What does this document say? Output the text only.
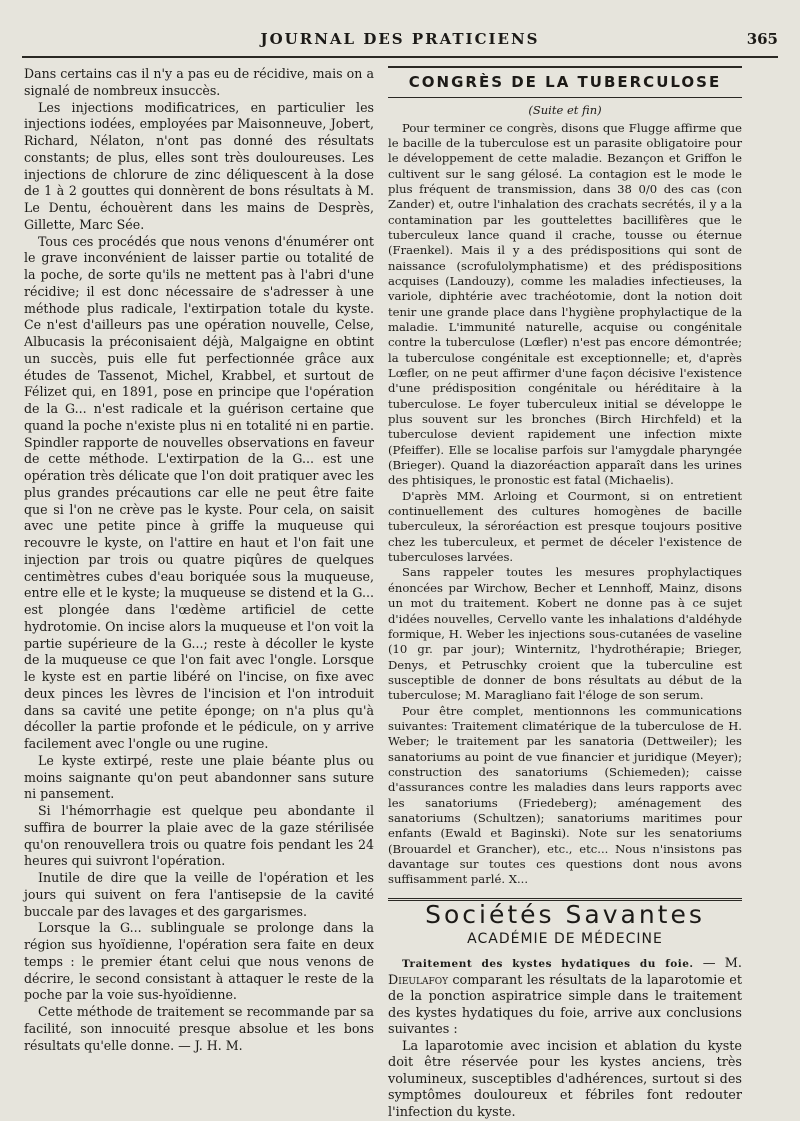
JOURNAL DES PRATICIENS	365

Dans certains cas il n'y a pas eu de récidive, mais on a signalé de nombreux insuccès.

Les injections modificatrices, en particulier les injections iodées, employées par Maisonneuve, Jobert, Richard, Nélaton, n'ont pas donné des résultats constants; de plus, elles sont très douloureuses. Les injections de chlorure de zinc déliquescent à la dose de 1 à 2 gouttes qui donnèrent de bons résultats à M. Le Dentu, échouèrent dans les mains de Desprès, Gillette, Marc Sée.

Tous ces procédés que nous venons d'énumérer ont le grave inconvénient de laisser partie ou totalité de la poche, de sorte qu'ils ne mettent pas à l'abri d'une récidive; il est donc nécessaire de s'adresser à une méthode plus radicale, l'extirpation totale du kyste. Ce n'est d'ailleurs pas une opération nouvelle, Celse, Albucasis la préconisaient déjà, Malgaigne en obtint un succès, puis elle fut perfectionnée grâce aux études de Tassenot, Michel, Krabbel, et surtout de Félizet qui, en 1891, pose en principe que l'opération de la G... n'est radicale et la guérison certaine que quand la poche n'existe plus ni en totalité ni en partie. Spindler rapporte de nouvelles observations en faveur de cette méthode. L'extirpation de la G... est une opération très délicate que l'on doit pratiquer avec les plus grandes précautions car elle ne peut être faite que si l'on ne crève pas le kyste. Pour cela, on saisit avec une petite pince à griffe la muqueuse qui recouvre le kyste, on l'attire en haut et l'on fait une injection par trois ou quatre piqûres de quelques centimètres cubes d'eau boriquée sous la muqueuse, entre elle et le kyste; la muqueuse se distend et la G... est plongée dans l'œdème artificiel de cette hydrotomie. On incise alors la muqueuse et l'on voit la partie supérieure de la G...; reste à décoller le kyste de la muqueuse ce que l'on fait avec l'ongle. Lorsque le kyste est en partie libéré on l'incise, on fixe avec deux pinces les lèvres de l'incision et l'on introduit dans sa cavité une petite éponge; on n'a plus qu'à décoller la partie profonde et le pédicule, on y arrive facilement avec l'ongle ou une rugine.

Le kyste extirpé, reste une plaie béante plus ou moins saignante qu'on peut abandonner sans suture ni pansement.

Si l'hémorrhagie est quelque peu abondante il suffira de bourrer la plaie avec de la gaze stérilisée qu'on renouvellera trois ou quatre fois pendant les 24 heures qui suivront l'opération.

Inutile de dire que la veille de l'opération et les jours qui suivent on fera l'antisepsie de la cavité buccale par des lavages et des gargarismes.

Lorsque la G... sublinguale se prolonge dans la région sus hyoïdienne, l'opération sera faite en deux temps : le premier étant celui que nous venons de décrire, le second consistant à attaquer le reste de la poche par la voie sus-hyoïdienne.

Cette méthode de traitement se recommande par sa facilité, son innocuité presque absolue et les bons résultats qu'elle donne. — J. H. M.

CONGRÈS DE LA TUBERCULOSE
(Suite et fin)

Pour terminer ce congrès, disons que Flugge affirme que le bacille de la tuberculose est un parasite obligatoire pour le développement de cette maladie. Bezançon et Griffon le cultivent sur le sang gélosé. La contagion est le mode le plus fréquent de transmission, dans 38 0/0 des cas (con Zander) et, outre l'inhalation des crachats secrétés, il y a la contamination par les gouttelettes bacillifères que le tuberculeux lance quand il crache, tousse ou éternue (Fraenkel). Mais il y a des prédispositions qui sont de naissance (scrofulolymphatisme) et des prédispositions acquises (Landouzy), comme les maladies infectieuses, la variole, diphtérie avec trachéotomie, dont la notion doit tenir une grande place dans l'hygiène prophylactique de la maladie. L'immunité naturelle, acquise ou congénitale contre la tuberculose (Lœfler) n'est pas encore démontrée; la tuberculose congénitale est exceptionnelle; et, d'après Lœfler, on ne peut affirmer d'une façon décisive l'existence d'une prédisposition congénitale ou héréditaire à la tuberculose. Le foyer tuberculeux initial se développe le plus souvent sur les bronches (Birch Hirchfeld) et la tuberculose devient rapidement une infection mixte (Pfeiffer). Elle se localise parfois sur l'amygdale pharyngée (Brieger). Quand la diazoréaction apparaît dans les urines des phtisiques, le pronostic est fatal (Michaelis).

D'après MM. Arloing et Courmont, si on entretient continuellement des cultures homogènes de bacille tuberculeux, la séroréaction est presque toujours positive chez les tuberculeux, et permet de déceler l'existence de tuberculoses larvées.

Sans rappeler toutes les mesures prophylactiques énoncées par Wirchow, Becher et Lennhoff, Mainz, disons un mot du traitement. Kobert ne donne pas à ce sujet d'idées nouvelles, Cervello vante les inhalations d'aldéhyde formique, H. Weber les injections sous-cutanées de vaseline (10 gr. par jour); Winternitz, l'hydrothérapie; Brieger, Denys, et Petruschky croient que la tuberculine est susceptible de donner de bons résultats au début de la tuberculose; M. Maragliano fait l'éloge de son serum.

Pour être complet, mentionnons les communications suivantes: Traitement climatérique de la tuberculose de H. Weber; le traitement par les sanatoria (Dettweiler); les sanatoriums au point de vue financier et juridique (Meyer); construction des sanatoriums (Schiemeden); caisse d'assurances contre les maladies dans leurs rapports avec les sanatoriums (Friedeberg); aménagement des sanatoriums (Schultzen); sanatoriums maritimes pour enfants (Ewald et Baginski). Note sur les senatoriums (Brouardel et Grancher), etc., etc... Nous n'insistons pas davantage sur toutes ces questions dont nous avons suffisamment parlé. X...

Sociétés Savantes
ACADÉMIE DE MÉDECINE

Traitement des kystes hydatiques du foie. — M. Dieulafoy comparant les résultats de la laparotomie et de la ponction aspiratrice simple dans le traitement des kystes hydatiques du foie, arrive aux conclusions suivantes :

La laparotomie avec incision et ablation du kyste doit être réservée pour les kystes anciens, très volumineux, susceptibles d'adhérences, surtout si des symptômes douloureux et fébriles font redouter l'infection du kyste.
